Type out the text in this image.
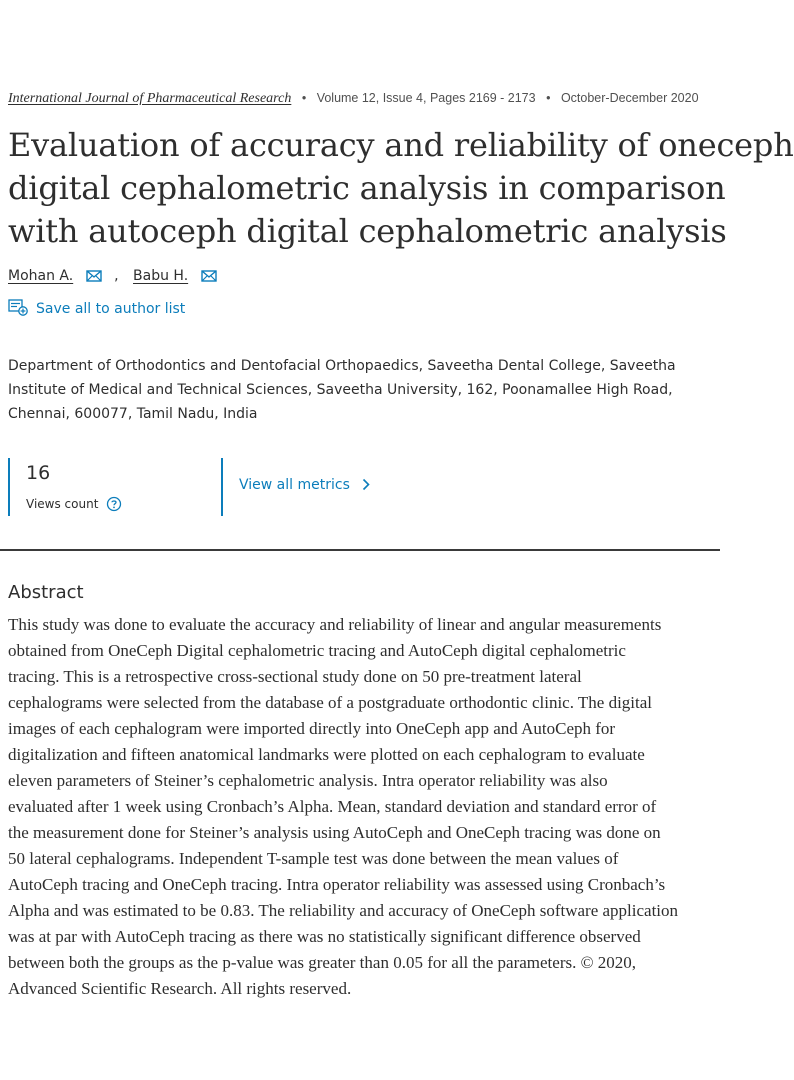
International Journal of Pharmaceutical Research • Volume 12, Issue 4, Pages 2169 - 2173 • October-December 2020
Evaluation of accuracy and reliability of oneceph
digital cephalometric analysis in comparison
with autoceph digital cephalometric analysis
Mohan A.	, Babu H.
Save all to author list
Department of Orthodontics and Dentofacial Orthopaedics, Saveetha Dental College, Saveetha Institute of Medical and Technical Sciences, Saveetha University, 162, Poonamallee High Road, Chennai, 600077, Tamil Nadu, India
16
Views count
View all metrics
Abstract
This study was done to evaluate the accuracy and reliability of linear and angular measurements
obtained from OneCeph Digital cephalometric tracing and AutoCeph digital cephalometric
tracing. This is a retrospective cross-sectional study done on 50 pre-treatment lateral
cephalograms were selected from the database of a postgraduate orthodontic clinic. The digital
images of each cephalogram were imported directly into OneCeph app and AutoCeph for
digitalization and fifteen anatomical landmarks were plotted on each cephalogram to evaluate
eleven parameters of Steiner’s cephalometric analysis. Intra operator reliability was also
evaluated after 1 week using Cronbach’s Alpha. Mean, standard deviation and standard error of
the measurement done for Steiner’s analysis using AutoCeph and OneCeph tracing was done on
50 lateral cephalograms. Independent T-sample test was done between the mean values of
AutoCeph tracing and OneCeph tracing. Intra operator reliability was assessed using Cronbach’s
Alpha and was estimated to be 0.83. The reliability and accuracy of OneCeph software application
was at par with AutoCeph tracing as there was no statistically significant difference observed
between both the groups as the p-value was greater than 0.05 for all the parameters. © 2020,
Advanced Scientific Research. All rights reserved.
